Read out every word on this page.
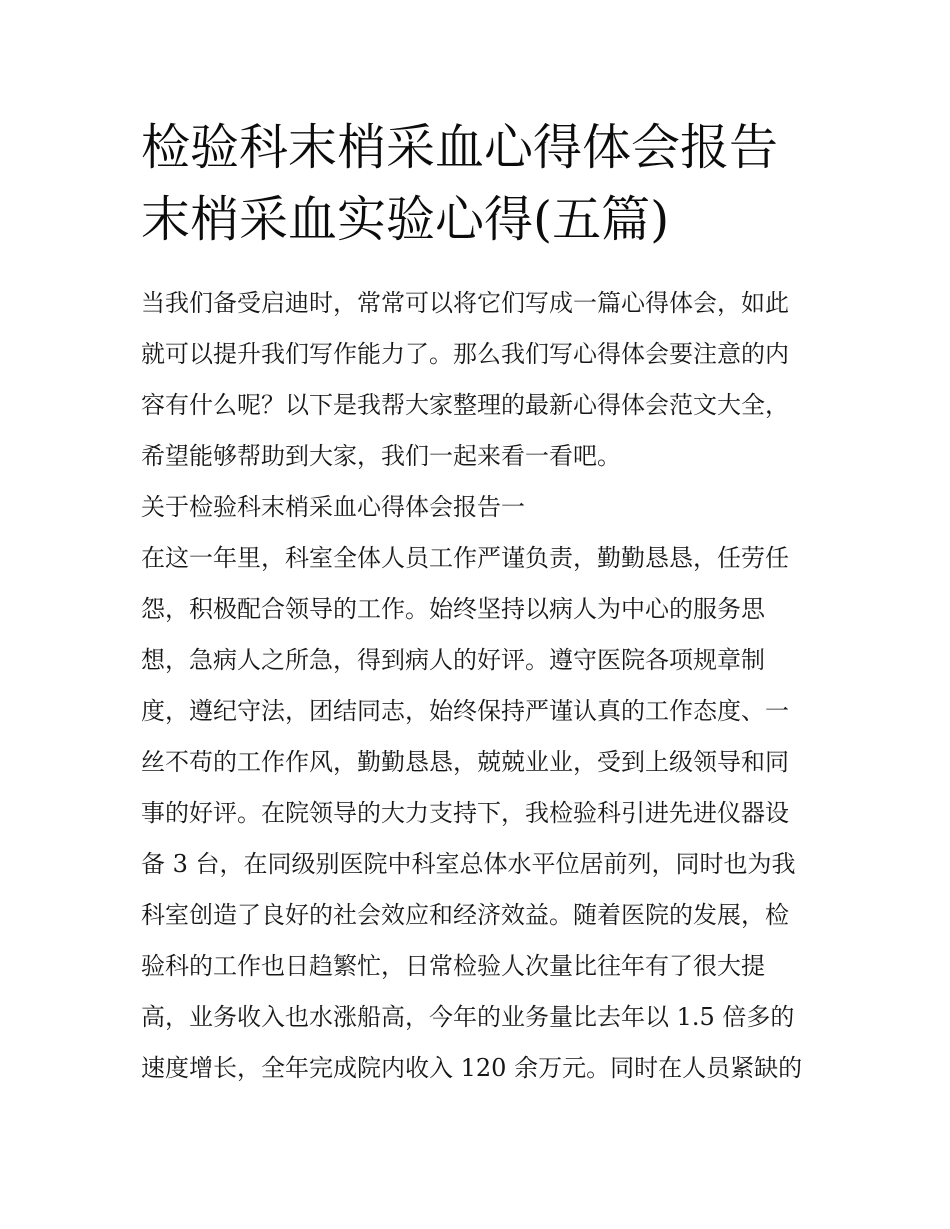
检验科末梢采血心得体会报告
末梢采血实验心得(五篇)
当我们备受启迪时，常常可以将它们写成一篇心得体会，如此
就可以提升我们写作能力了。那么我们写心得体会要注意的内
容有什么呢？以下是我帮大家整理的最新心得体会范文大全，
希望能够帮助到大家，我们一起来看一看吧。
关于检验科末梢采血心得体会报告一
在这一年里，科室全体人员工作严谨负责，勤勤恳恳，任劳任
怨，积极配合领导的工作。始终坚持以病人为中心的服务思
想，急病人之所急，得到病人的好评。遵守医院各项规章制
度，遵纪守法，团结同志，始终保持严谨认真的工作态度、一
丝不苟的工作作风，勤勤恳恳，兢兢业业，受到上级领导和同
事的好评。在院领导的大力支持下，我检验科引进先进仪器设
备 3 台，在同级别医院中科室总体水平位居前列，同时也为我
科室创造了良好的社会效应和经济效益。随着医院的发展，检
验科的工作也日趋繁忙，日常检验人次量比往年有了很大提
高，业务收入也水涨船高，今年的业务量比去年以 1.5 倍多的
速度增长，全年完成院内收入 120 余万元。同时在人员紧缺的
